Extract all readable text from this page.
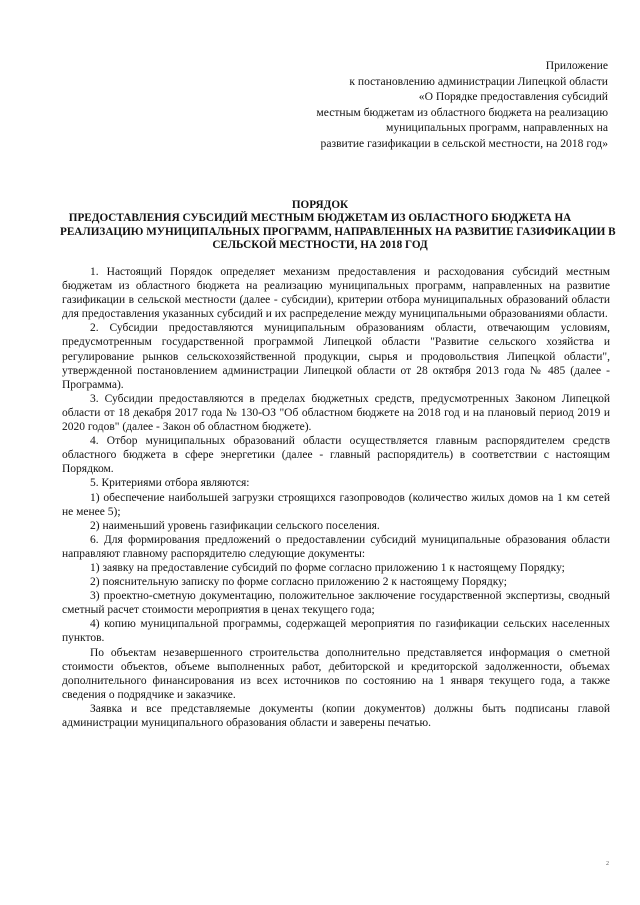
Приложение
к постановлению администрации Липецкой области
«О Порядке предоставления субсидий
местным бюджетам из областного бюджета на реализацию
муниципальных программ, направленных на
развитие газификации в сельской местности, на 2018 год»
ПОРЯДОК
ПРЕДОСТАВЛЕНИЯ СУБСИДИЙ МЕСТНЫМ БЮДЖЕТАМ ИЗ ОБЛАСТНОГО БЮДЖЕТА НА
РЕАЛИЗАЦИЮ МУНИЦИПАЛЬНЫХ ПРОГРАММ, НАПРАВЛЕННЫХ НА РАЗВИТИЕ ГАЗИФИКАЦИИ В
СЕЛЬСКОЙ МЕСТНОСТИ, НА 2018 ГОД

1. Настоящий Порядок определяет механизм предоставления и расходования субсидий местным бюджетам из областного бюджета на реализацию муниципальных программ, направленных на развитие газификации в сельской местности (далее - субсидии), критерии отбора муниципальных образований области для предоставления указанных субсидий и их распределение между муниципальными образованиями области.

2. Субсидии предоставляются муниципальным образованиям области, отвечающим условиям, предусмотренным государственной программой Липецкой области "Развитие сельского хозяйства и регулирование рынков сельскохозяйственной продукции, сырья и продовольствия Липецкой области", утвержденной постановлением администрации Липецкой области от 28 октября 2013 года № 485 (далее - Программа).

3. Субсидии предоставляются в пределах бюджетных средств, предусмотренных Законом Липецкой области от 18 декабря 2017 года № 130-ОЗ "Об областном бюджете на 2018 год и на плановый период 2019 и 2020 годов" (далее - Закон об областном бюджете).

4. Отбор муниципальных образований области осуществляется главным распорядителем средств областного бюджета в сфере энергетики (далее - главный распорядитель) в соответствии с настоящим Порядком.

5. Критериями отбора являются:

1) обеспечение наибольшей загрузки строящихся газопроводов (количество жилых домов на 1 км сетей не менее 5);

2) наименьший уровень газификации сельского поселения.

6. Для формирования предложений о предоставлении субсидий муниципальные образования области направляют главному распорядителю следующие документы:

1) заявку на предоставление субсидий по форме согласно приложению 1 к настоящему Порядку;

2) пояснительную записку по форме согласно приложению 2 к настоящему Порядку;

3) проектно-сметную документацию, положительное заключение государственной экспертизы, сводный сметный расчет стоимости мероприятия в ценах текущего года;

4) копию муниципальной программы, содержащей мероприятия по газификации сельских населенных пунктов.

По объектам незавершенного строительства дополнительно представляется информация о сметной стоимости объектов, объеме выполненных работ, дебиторской и кредиторской задолженности, объемах дополнительного финансирования из всех источников по состоянию на 1 января текущего года, а также сведения о подрядчике и заказчике.

Заявка и все представляемые документы (копии документов) должны быть подписаны главой администрации муниципального образования области и заверены печатью.

2
